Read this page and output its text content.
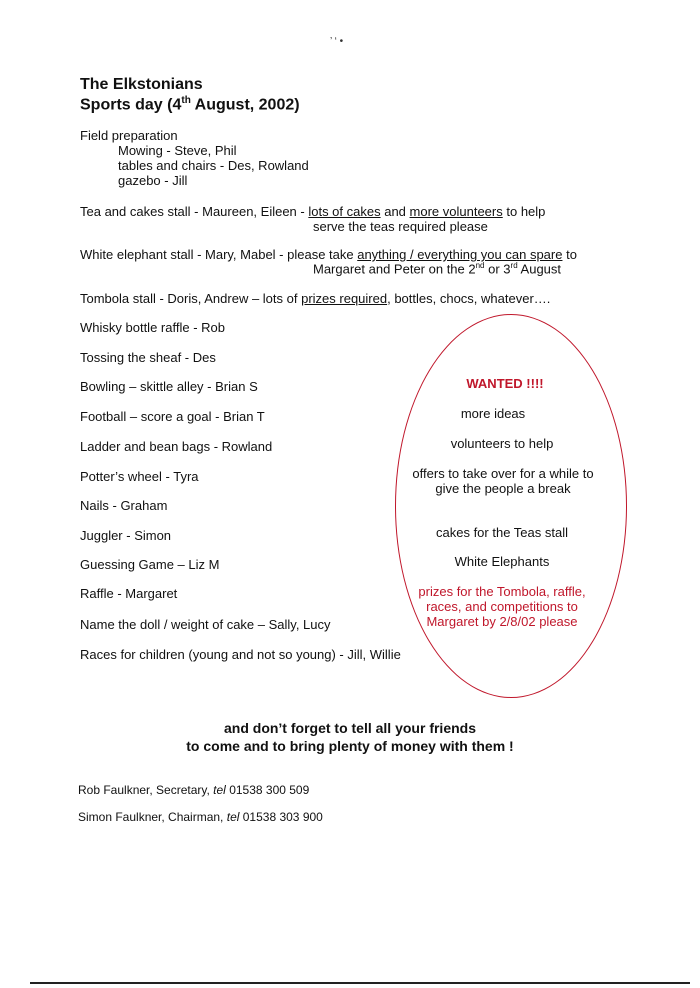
’ ‘ •
The Elkstonians
Sports day (4th August, 2002)
Field preparation
Mowing - Steve, Phil
tables and chairs - Des, Rowland
gazebo - Jill
Tea and cakes stall - Maureen, Eileen - lots of cakes and more volunteers to help
serve the teas required please
White elephant stall - Mary, Mabel - please take anything / everything you can spare to
Margaret and Peter on the 2nd or 3rd August
Tombola stall - Doris, Andrew – lots of prizes required, bottles, chocs, whatever….
Whisky bottle raffle - Rob
Tossing the sheaf - Des
Bowling – skittle alley - Brian S
Football – score a goal - Brian T
Ladder and bean bags - Rowland
Potter’s wheel - Tyra
Nails - Graham
Juggler - Simon
Guessing Game – Liz M
Raffle - Margaret
Name the doll / weight of cake – Sally, Lucy
Races for children (young and not so young) - Jill, Willie
WANTED !!!!
more ideas
volunteers to help
offers to take over for a while to give the people a break
cakes for the Teas stall
White Elephants
prizes for the Tombola, raffle, races, and competitions to Margaret by 2/8/02 please
and don’t forget to tell all your friends
to come and to bring plenty of money with them !
Rob Faulkner, Secretary, tel 01538 300 509
Simon Faulkner, Chairman, tel 01538 303 900
